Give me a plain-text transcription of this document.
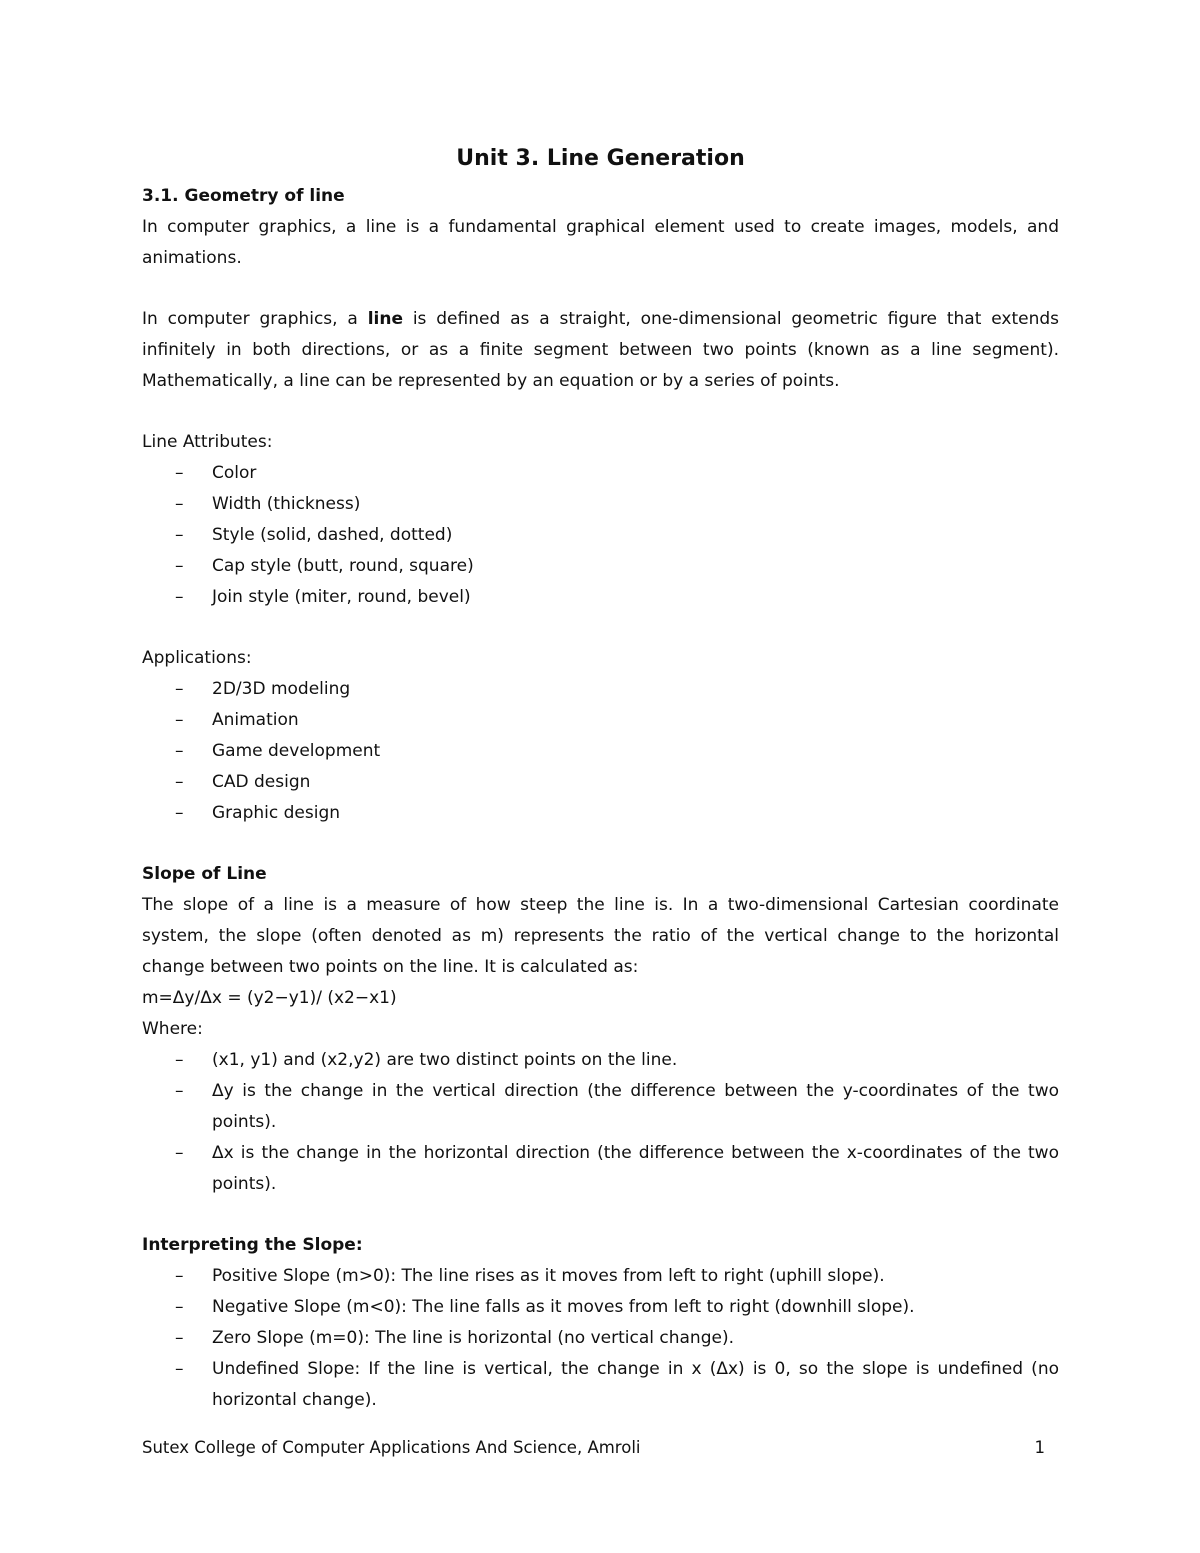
Unit 3. Line Generation
3.1. Geometry of line
In computer graphics, a line is a fundamental graphical element used to create images, models, and
animations.
In computer graphics, a line is defined as a straight, one-dimensional geometric figure that extends
infinitely in both directions, or as a finite segment between two points (known as a line segment).
Mathematically, a line can be represented by an equation or by a series of points.
Line Attributes:
– Color
– Width (thickness)
– Style (solid, dashed, dotted)
– Cap style (butt, round, square)
– Join style (miter, round, bevel)
Applications:
– 2D/3D modeling
– Animation
– Game development
– CAD design
– Graphic design
Slope of Line
The slope of a line is a measure of how steep the line is. In a two-dimensional Cartesian coordinate
system, the slope (often denoted as m) represents the ratio of the vertical change to the horizontal
change between two points on the line. It is calculated as:
m=Δy/Δx = (y2−y1)/ (x2−x1)
Where:
– (x1, y1) and (x2,y2) are two distinct points on the line.
– Δy is the change in the vertical direction (the difference between the y-coordinates of the two
points).
– Δx is the change in the horizontal direction (the difference between the x-coordinates of the two
points).
Interpreting the Slope:
– Positive Slope (m>0): The line rises as it moves from left to right (uphill slope).
– Negative Slope (m<0): The line falls as it moves from left to right (downhill slope).
– Zero Slope (m=0): The line is horizontal (no vertical change).
– Undefined Slope: If the line is vertical, the change in x (Δx) is 0, so the slope is undefined (no
horizontal change).
Sutex College of Computer Applications And Science, Amroli	1
